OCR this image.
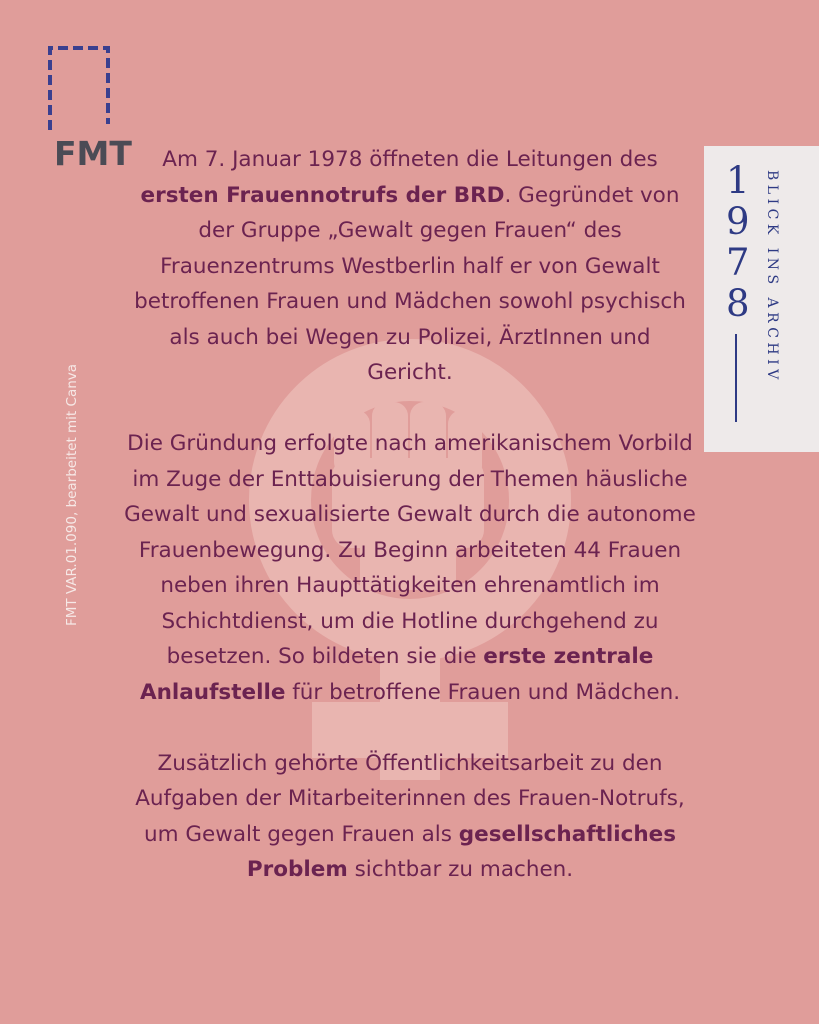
FMT

FMT VAR.01.090, bearbeitet mit Canva
1
9
7
8 BLICK INS ARCHIV

Am 7. Januar 1978 öffneten die Leitungen des ersten Frauennotrufs der BRD. Gegründet von der Gruppe „Gewalt gegen Frauen“ des Frauenzentrums Westberlin half er von Gewalt betroffenen Frauen und Mädchen sowohl psychisch als auch bei Wegen zu Polizei, ÄrztInnen und Gericht.

Die Gründung erfolgte nach amerikanischem Vorbild im Zuge der Enttabuisierung der Themen häusliche Gewalt und sexualisierte Gewalt durch die autonome Frauenbewegung. Zu Beginn arbeiteten 44 Frauen neben ihren Haupttätigkeiten ehrenamtlich im Schichtdienst, um die Hotline durchgehend zu besetzen. So bildeten sie die erste zentrale Anlaufstelle für betroffene Frauen und Mädchen.

Zusätzlich gehörte Öffentlichkeitsarbeit zu den Aufgaben der Mitarbeiterinnen des Frauen-Notrufs, um Gewalt gegen Frauen als gesellschaftliches Problem sichtbar zu machen.
